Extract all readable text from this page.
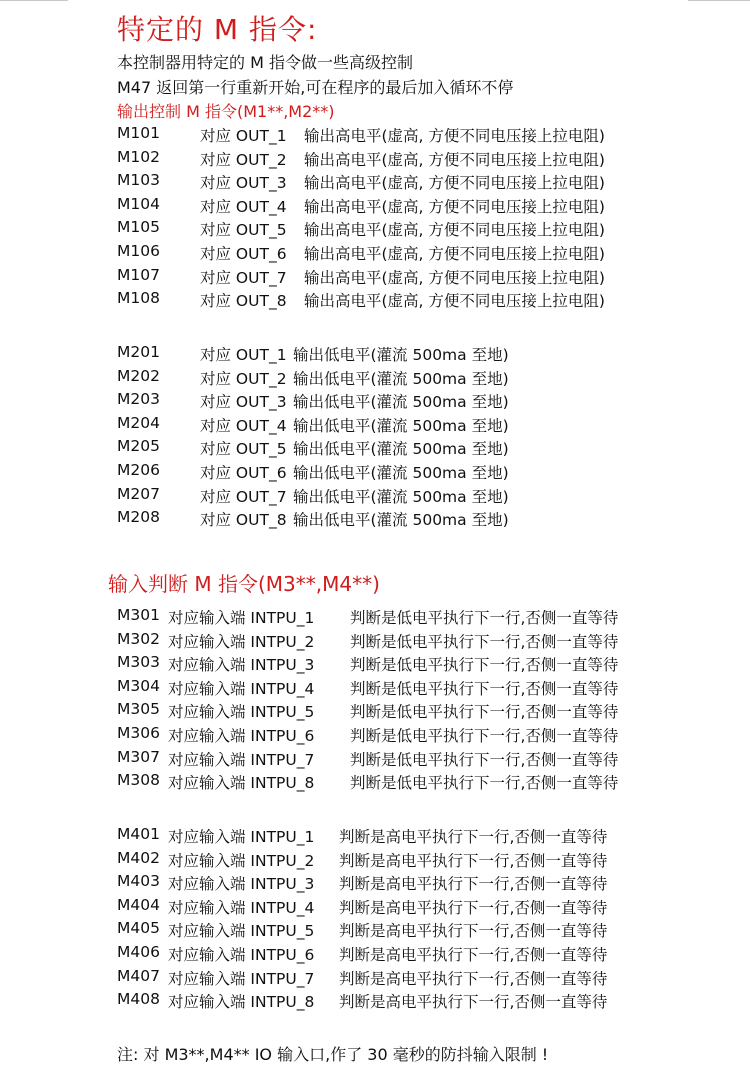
特定的 M 指令:
本控制器用特定的 M 指令做一些高级控制
M47 返回第一行重新开始,可在程序的最后加入循环不停
输出控制 M 指令(M1**,M2**)
M101	对应 OUT_1 输出高电平(虚高, 方便不同电压接上拉电阻)
M102	对应 OUT_2 输出高电平(虚高, 方便不同电压接上拉电阻)
M103	对应 OUT_3 输出高电平(虚高, 方便不同电压接上拉电阻)
M104	对应 OUT_4 输出高电平(虚高, 方便不同电压接上拉电阻)
M105	对应 OUT_5 输出高电平(虚高, 方便不同电压接上拉电阻)
M106	对应 OUT_6 输出高电平(虚高, 方便不同电压接上拉电阻)
M107	对应 OUT_7 输出高电平(虚高, 方便不同电压接上拉电阻)
M108	对应 OUT_8 输出高电平(虚高, 方便不同电压接上拉电阻)
M201	对应 OUT_1 输出低电平(灌流 500ma 至地)
M202	对应 OUT_2 输出低电平(灌流 500ma 至地)
M203	对应 OUT_3 输出低电平(灌流 500ma 至地)
M204	对应 OUT_4 输出低电平(灌流 500ma 至地)
M205	对应 OUT_5 输出低电平(灌流 500ma 至地)
M206	对应 OUT_6 输出低电平(灌流 500ma 至地)
M207	对应 OUT_7 输出低电平(灌流 500ma 至地)
M208	对应 OUT_8 输出低电平(灌流 500ma 至地)
输入判断 M 指令(M3**,M4**)
M301 对应输入端 INTPU_1 判断是低电平执行下一行,否侧一直等待
M302 对应输入端 INTPU_2 判断是低电平执行下一行,否侧一直等待
M303 对应输入端 INTPU_3 判断是低电平执行下一行,否侧一直等待
M304 对应输入端 INTPU_4 判断是低电平执行下一行,否侧一直等待
M305 对应输入端 INTPU_5 判断是低电平执行下一行,否侧一直等待
M306 对应输入端 INTPU_6 判断是低电平执行下一行,否侧一直等待
M307 对应输入端 INTPU_7 判断是低电平执行下一行,否侧一直等待
M308 对应输入端 INTPU_8 判断是低电平执行下一行,否侧一直等待
M401 对应输入端 INTPU_1 判断是高电平执行下一行,否侧一直等待
M402 对应输入端 INTPU_2 判断是高电平执行下一行,否侧一直等待
M403 对应输入端 INTPU_3 判断是高电平执行下一行,否侧一直等待
M404 对应输入端 INTPU_4 判断是高电平执行下一行,否侧一直等待
M405 对应输入端 INTPU_5 判断是高电平执行下一行,否侧一直等待
M406 对应输入端 INTPU_6 判断是高电平执行下一行,否侧一直等待
M407 对应输入端 INTPU_7 判断是高电平执行下一行,否侧一直等待
M408 对应输入端 INTPU_8 判断是高电平执行下一行,否侧一直等待
注: 对 M3**,M4** IO 输入口,作了 30 毫秒的防抖输入限制 !
